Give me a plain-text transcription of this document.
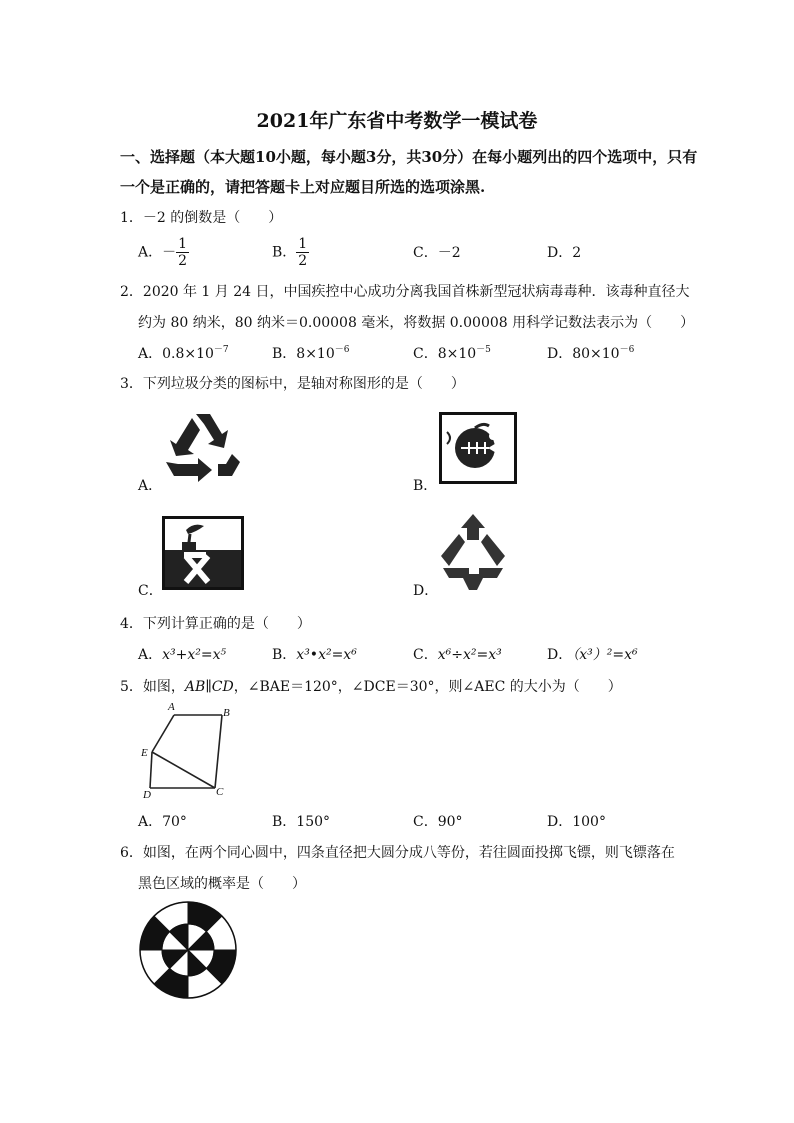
2021年广东省中考数学一模试卷
一、选择题（本大题10小题，每小题3分，共30分）在每小题列出的四个选项中，只有
一个是正确的，请把答题卡上对应题目所选的选项涂黑.
1．－2 的倒数是（　　）
A．－ $\frac{1}{2}$	B． $\frac{1}{2}$	C．－2	D．2
2．2020 年 1 月 24 日，中国疾控中心成功分离我国首株新型冠状病毒毒种．该毒种直径大
约为 80 纳米，80 纳米＝0.00008 毫米，将数据 0.00008 用科学记数法表示为（　　）
A．$0.8\times 10^{-7}$	B．$8\times 10^{-6}$	C．$8\times 10^{-5}$	D．$80\times 10^{-6}$
3．下列垃圾分类的图标中，是轴对称图形的是（　　）
A．	B．
C．	D．
4．下列计算正确的是（　　）
A．x³+x²=x⁵	B．x³•x²=x⁶	C．x⁶÷x²=x³	D．（x³）²=x⁶
5．如图，AB∥CD，∠BAE＝120°，∠DCE＝30°，则∠AEC 的大小为（　　）
A	B
E
D	C
A．70°	B．150°	C．90°	D．100°
6．如图，在两个同心圆中，四条直径把大圆分成八等份，若往圆面投掷飞镖，则飞镖落在
黑色区域的概率是（　　）
